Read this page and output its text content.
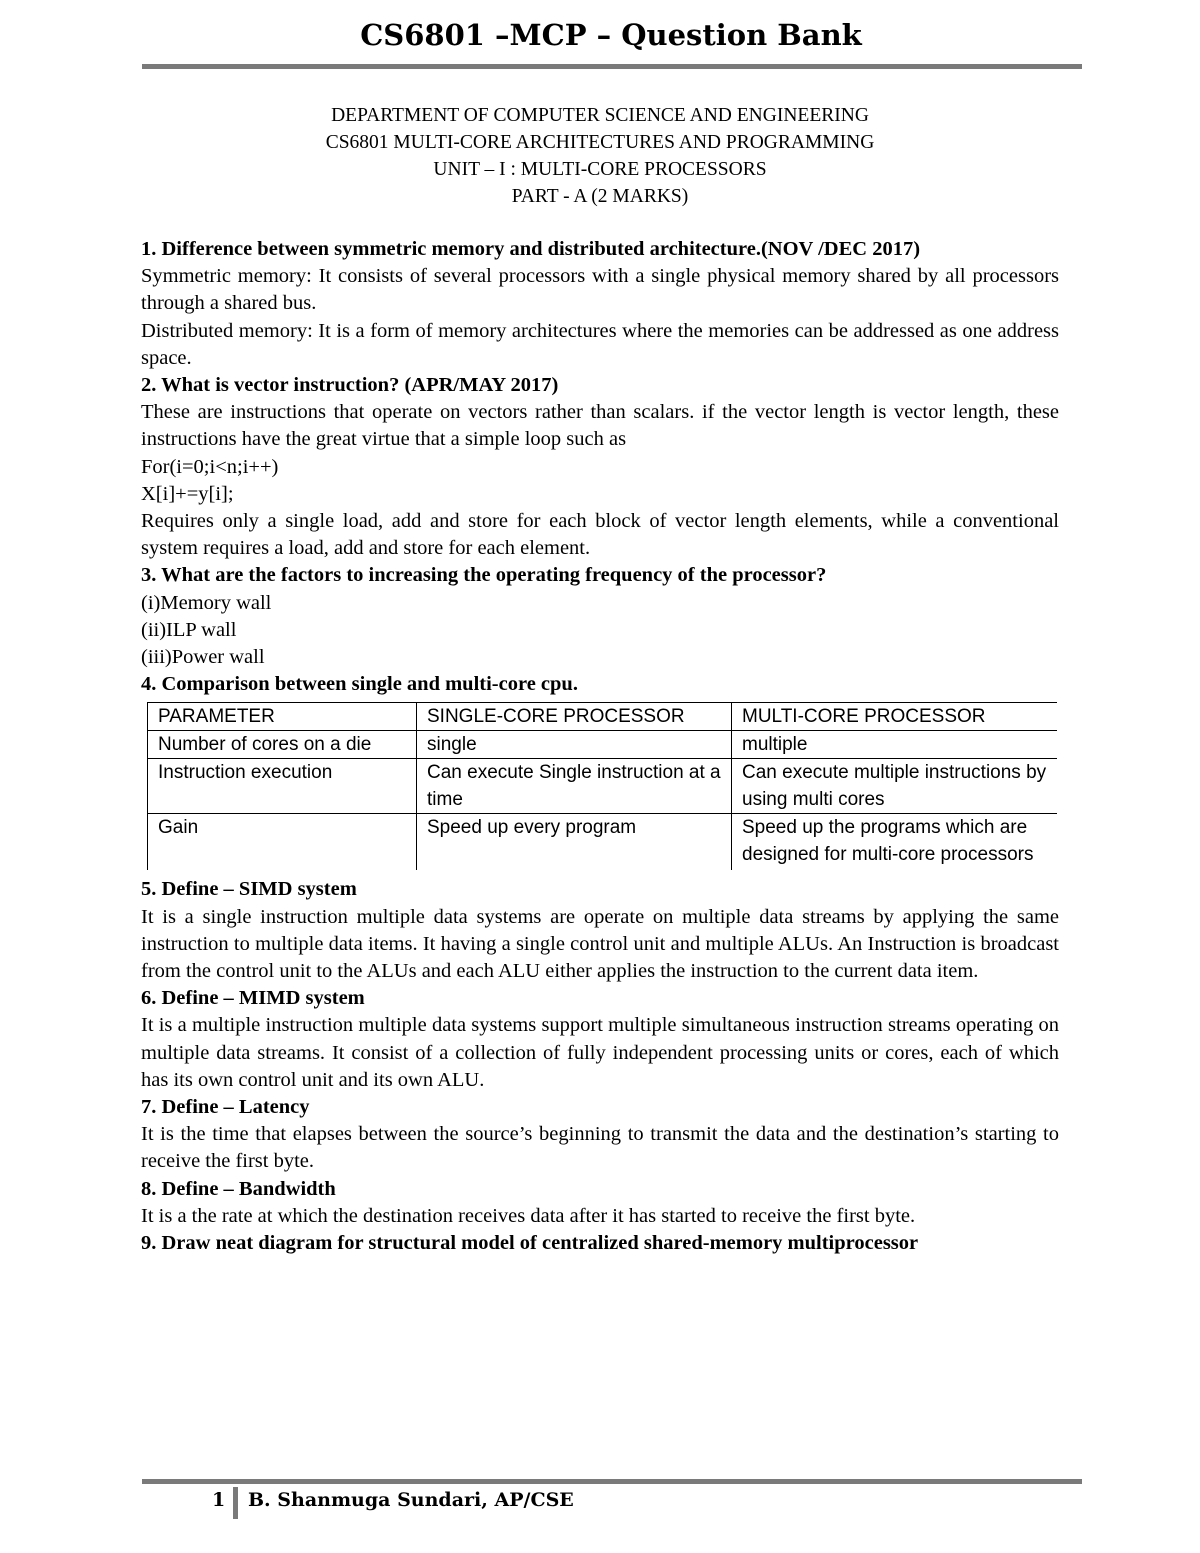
CS6801 –MCP – Question Bank
DEPARTMENT OF COMPUTER SCIENCE AND ENGINEERING
CS6801 MULTI-CORE ARCHITECTURES AND PROGRAMMING
UNIT – I : MULTI-CORE PROCESSORS
PART - A (2 MARKS)
1. Difference between symmetric memory and distributed architecture.(NOV /DEC 2017)

Symmetric memory: It consists of several processors with a single physical memory shared by all processors through a shared bus.

Distributed memory: It is a form of memory architectures where the memories can be addressed as one address space.

2. What is vector instruction? (APR/MAY 2017)

These are instructions that operate on vectors rather than scalars. if the vector length is vector length, these instructions have the great virtue that a simple loop such as

For(i=0;i<n;i++)
X[i]+=y[i];

Requires only a single load, add and store for each block of vector length elements, while a conventional system requires a load, add and store for each element.

3. What are the factors to increasing the operating frequency of the processor?
(i)Memory wall
(ii)ILP wall
(iii)Power wall
4. Comparison between single and multi-core cpu.
PARAMETER	SINGLE-CORE PROCESSOR	MULTI-CORE PROCESSOR
Number of cores on a die	single	multiple
Instruction execution	Can execute Single instruction at a time	Can execute multiple instructions by using multi cores
Gain	Speed up every program	Speed up the programs which are designed for multi-core processors
5. Define – SIMD system

It is a single instruction multiple data systems are operate on multiple data streams by applying the same instruction to multiple data items. It having a single control unit and multiple ALUs. An Instruction is broadcast from the control unit to the ALUs and each ALU either applies the instruction to the current data item.

6. Define – MIMD system

It is a multiple instruction multiple data systems support multiple simultaneous instruction streams operating on multiple data streams. It consist of a collection of fully independent processing units or cores, each of which has its own control unit and its own ALU.

7. Define – Latency

It is the time that elapses between the source’s beginning to transmit the data and the destination’s starting to receive the first byte.

8. Define – Bandwidth

It is a the rate at which the destination receives data after it has started to receive the first byte.

9. Draw neat diagram for structural model of centralized shared-memory multiprocessor
1 B. Shanmuga Sundari, AP/CSE
